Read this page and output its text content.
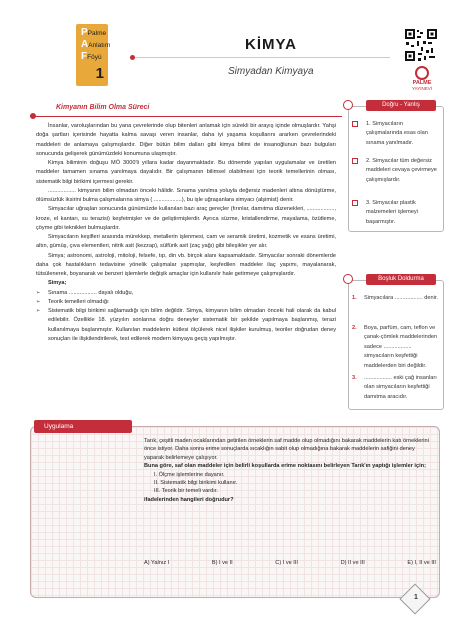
PPalme
AAnlatım
FFöyü
1
KİMYA
Simyadan Kimyaya
PALME
YAYINEVİ
Kimyanın Bilim Olma Süreci

İnsanlar, varoluşlarından bu yana çevrelerinde olup bitenleri anlamak için sürekli bir arayış içinde olmuşlardır. Yahşi doğa şartları içerisinde hayatta kalma savaşı veren insanlar, daha iyi yaşama koşullarını ararken çevrelerindeki maddeleri de anlamaya çalışmışlardır. Diğer bütün bilim dalları gibi kimya bilimi de insanoğlunun bazı bulguları sonucunda gelişerek günümüzdeki konumuna ulaşmıştır.

Kimya biliminin doğuşu MÖ 3000'li yıllara kadar dayanmaktadır. Bu dönemde yapılan uygulamalar ve üretilen maddeler tamamen sınama yanılmaya dayalıdır. Bir çalışmanın bilimsel olabilmesi için teorik temellerinin olması, sistematik bilgi birikimi içermesi gerekir.

.................. kimyanın bilim olmadan önceki hâlidir. Sınama yanılma yoluyla değersiz madenleri altına dönüştürme, ölümsüzlük iksirini bulma çalışmalarına simya ( ..................), bu işle uğraşanlara simyacı (alşimist) denir.

Simyacılar uğraşları sonucunda günümüzde kullanılan bazı araç gereçler (fırınlar, damıtma düzenekleri, .................., kroze, el kantarı, su terazisi) keşfetmişler ve de geliştirmişlerdir. Ayrıca süzme, kristallendirme, mayalama, özütleme, çöyme gibi teknikleri bulmuşlardır.

Simyacıların keşifleri arasında mürekkep, metallerin işlenmesi, cam ve seramik üretimi, kozmetik ve esans üretimi, altın, gümüş, çıva elementleri, nitrik asit (kezzap), sülfürik asit (zaç yağı) gibi bileşikler yer alır.

Simya; astronomi, astroloji, mitoloji, felsefe, tıp, din vb. birçok alanı kapsamaktadır. Simyacılar sonraki dönemlerde daha çok hastalıkların tedavisine yönelik çalışmalar yapmışlar, keşfedilen maddeler ilaç yapımı, mayalanarak, tütsülenerek, boyanarak ve benzeri işlemlerle değişik amaçlar için kullanılır hale getirmeye çalışmışlardır.

Simya;

➢ Sınama .................. dayalı olduğu,

➢ Teorik temelleri olmadığı

➢ Sistematik bilgi birikimi sağlamadığı için bilim değildir. Simya, kimyanın bilim olmadan önceki hali olarak da kabul edilebilir. Özellikle 18. yüzyılın sonlarına doğru deneyler sistematik bir şekilde yapılmaya başlanmış, terazi kullanılmaya başlanmıştır. Kullanılan maddelerin kütlesi ölçülerek nicel ilişkiler kurulmuş, teoriler doğrudan deney sonuçları ile ilişkilendirilerek, test edilerek modern kimyaya geçiş yapılmıştır.

Doğru - Yanlış
1. Simyacıların çalışmalarında esas olan sınama yanılmadır.
2. Simyacılar tüm değersiz maddeleri cevaya çevirmeye çalışmışlardır.
3. Simyacılar plastik malzemeleri işlemeyi başarmıştır.
Boşluk Doldurma
1.	Simyacılara .................. denir.
2.	Boya, parfüm, cam, teflon ve çanak-çömlek maddelerinden sadece .................. simyacıların keşfettiği maddelerden biri değildir.
3.	.................. eski çağ insanları olan simyacıların keşfettiği damıtma aracıdır.
Uygulama

Tarık, çeşitli maden ocaklarından getirilen örneklerin saf madde olup olmadığını bakarak maddelerin katı örneklerini önce istiyor. Daha sonra erime sonuçlarda sıcaklığın sabit olup olmadığına bakarak maddelerin safiğini deney yaparak belirlemeye çalışıyor.

Buna göre, saf olan maddeler için belirli koşullarda erime noktasını belirleyen Tarık'ın yaptığı işlemler için;

I. Ölçme işlemlerine dayanır.

II. Sistematik bilgi birikimi kullanır.

III. Teorik bir temeli vardır.

ifadelerinden hangileri doğrudur?

A) Yalnız I	B) I ve II	C) I ve III	D) II ve III	E) I, II ve III
1
